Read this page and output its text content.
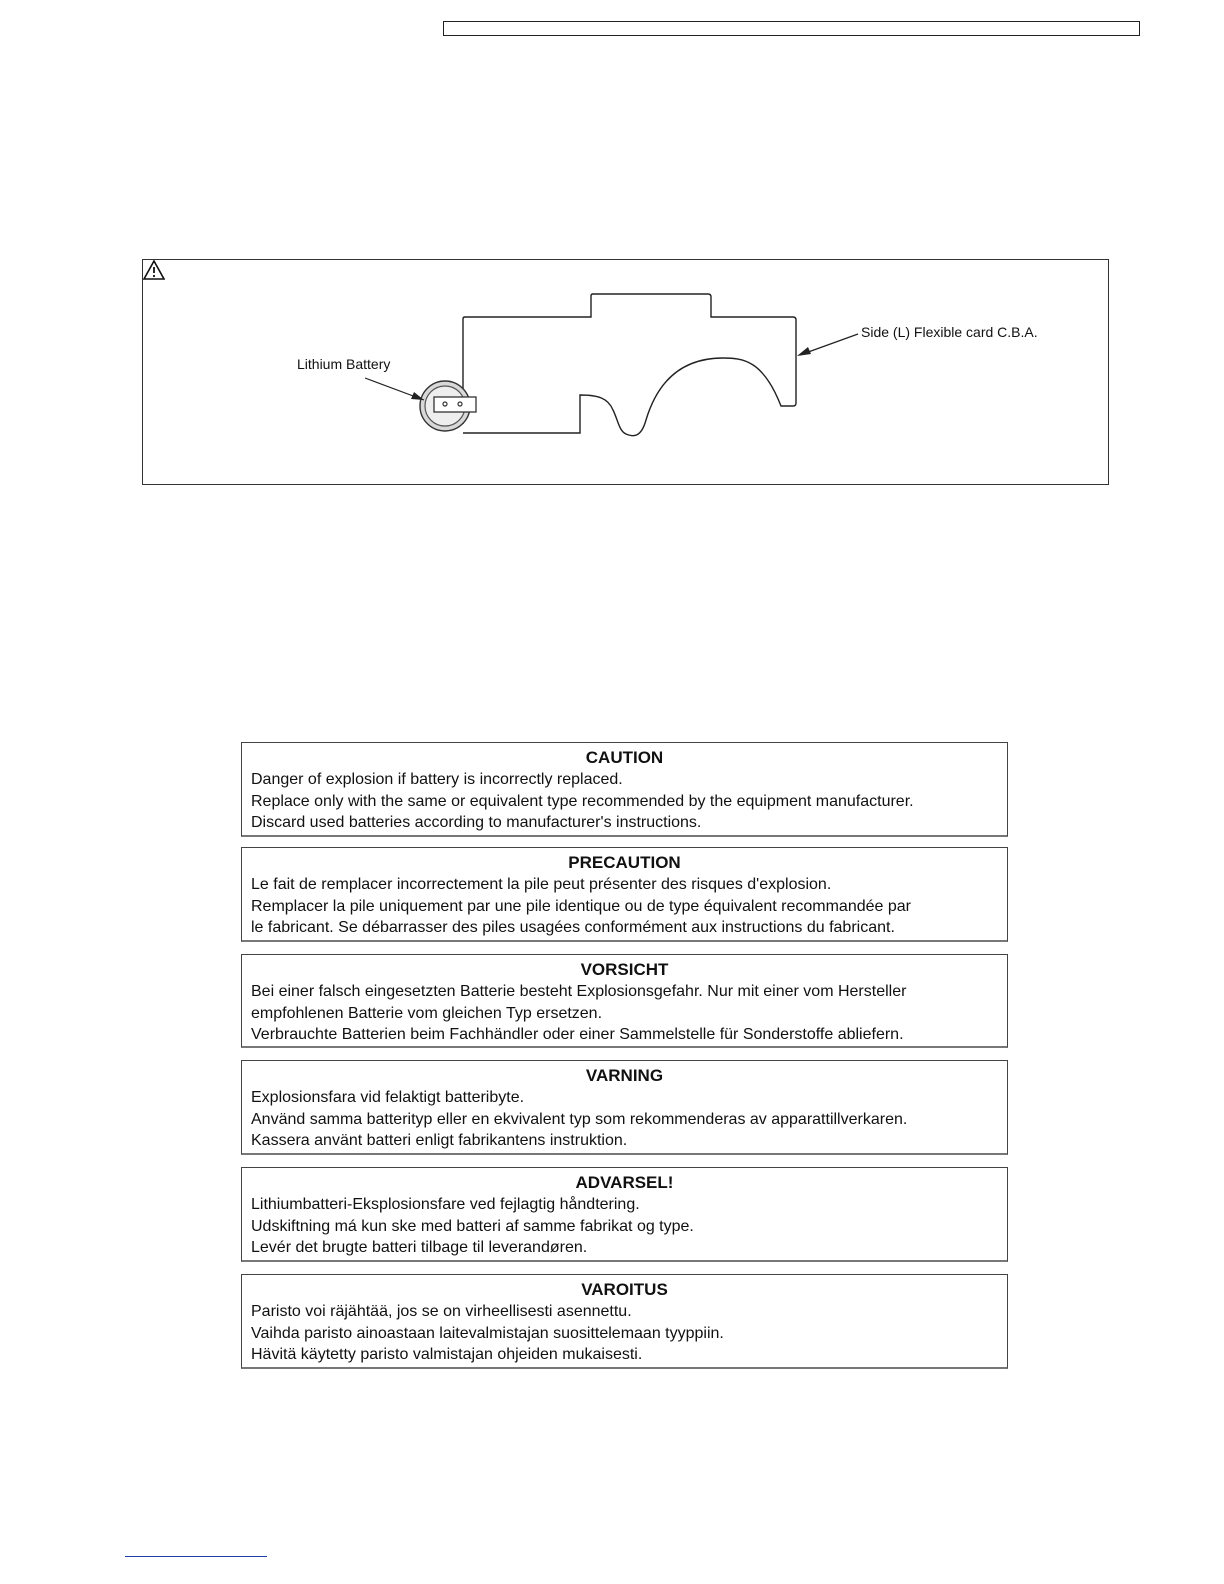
Lithium Battery
Side (L) Flexible card C.B.A.
CAUTION
Danger of explosion if battery is incorrectly replaced.
Replace only with the same or equivalent type recommended by the equipment manufacturer.
Discard used batteries according to manufacturer's instructions.
PRECAUTION
Le fait de remplacer incorrectement la pile peut présenter des risques d'explosion.
Remplacer la pile uniquement par une pile identique ou de type équivalent recommandée par
le fabricant. Se débarrasser des piles usagées conformément aux instructions du fabricant.
VORSICHT
Bei einer falsch eingesetzten Batterie besteht Explosionsgefahr. Nur mit einer vom Hersteller
empfohlenen Batterie vom gleichen Typ ersetzen.
Verbrauchte Batterien beim Fachhändler oder einer Sammelstelle für Sonderstoffe abliefern.
VARNING
Explosionsfara vid felaktigt batteribyte.
Använd samma batterityp eller en ekvivalent typ som rekommenderas av apparattillverkaren.
Kassera använt batteri enligt fabrikantens instruktion.
ADVARSEL!
Lithiumbatteri-Eksplosionsfare ved fejlagtig håndtering.
Udskiftning má kun ske med batteri af samme fabrikat og type.
Levér det brugte batteri tilbage til leverandøren.
VAROITUS
Paristo voi räjähtää, jos se on virheellisesti asennettu.
Vaihda paristo ainoastaan laitevalmistajan suosittelemaan tyyppiin.
Hävitä käytetty paristo valmistajan ohjeiden mukaisesti.
